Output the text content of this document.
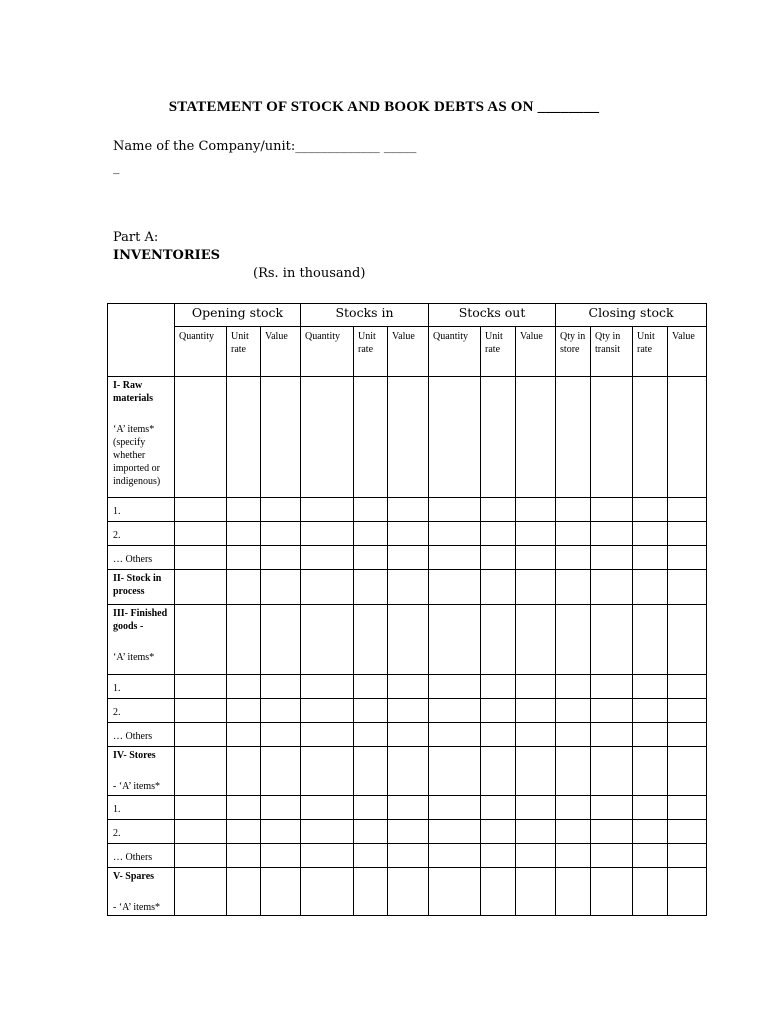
STATEMENT OF STOCK AND BOOK DEBTS AS ON ________
Name of the Company/unit:_____________ _____
_
Part A:
INVENTORIES
(Rs. in thousand)
	Opening stock			Stocks in			Stocks out			Closing stock			
	Quantity	Unit rate	Value	Quantity	Unit rate	Value	Quantity	Unit rate	Value	Qty in store	Qty in transit	Unit rate	Value
I- Raw materials
‘A’ items* (specify whether imported or indigenous)													

1.													

2.													

… Others													

II- Stock in process													
III- Finished goods -
‘A’ items*													

1.													

2.													

… Others													

IV- Stores
- ‘A’ items*													

1.													

2.													

… Others													

V- Spares
- ‘A’ items*													
